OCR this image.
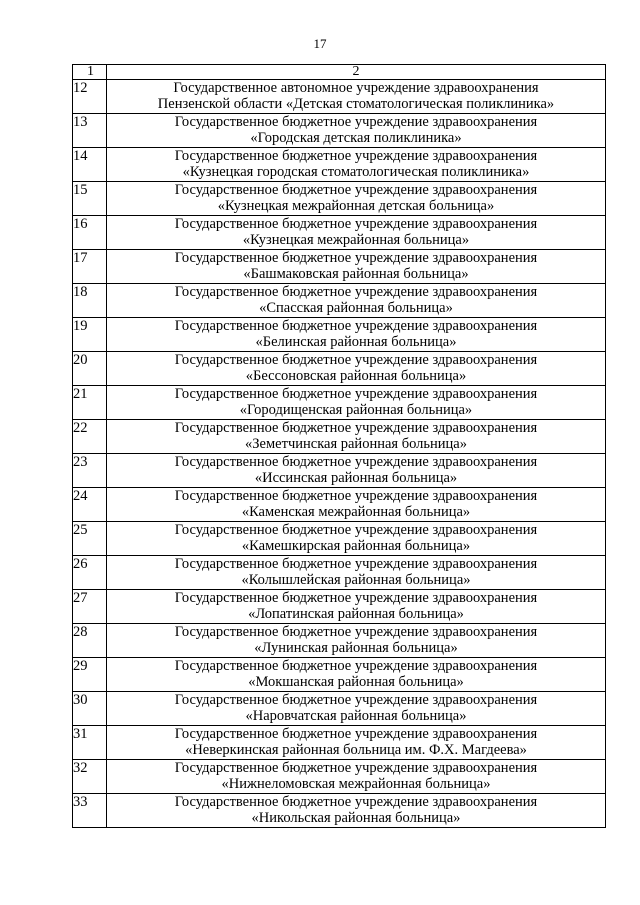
17
1	2
12	Государственное автономное учреждение здравоохранения
Пензенской области «Детская стоматологическая поликлиника»

13	Государственное бюджетное учреждение здравоохранения
«Городская детская поликлиника»

14	Государственное бюджетное учреждение здравоохранения
«Кузнецкая городская стоматологическая поликлиника»

15	Государственное бюджетное учреждение здравоохранения
«Кузнецкая межрайонная детская больница»

16	Государственное бюджетное учреждение здравоохранения
«Кузнецкая межрайонная больница»

17	Государственное бюджетное учреждение здравоохранения
«Башмаковская районная больница»

18	Государственное бюджетное учреждение здравоохранения
«Спасская районная больница»

19	Государственное бюджетное учреждение здравоохранения
«Белинская районная больница»

20	Государственное бюджетное учреждение здравоохранения
«Бессоновская районная больница»

21	Государственное бюджетное учреждение здравоохранения
«Городищенская районная больница»

22	Государственное бюджетное учреждение здравоохранения
«Земетчинская районная больница»

23	Государственное бюджетное учреждение здравоохранения
«Иссинская районная больница»

24	Государственное бюджетное учреждение здравоохранения
«Каменская межрайонная больница»

25	Государственное бюджетное учреждение здравоохранения
«Камешкирская районная больница»

26	Государственное бюджетное учреждение здравоохранения
«Колышлейская районная больница»

27	Государственное бюджетное учреждение здравоохранения
«Лопатинская районная больница»

28	Государственное бюджетное учреждение здравоохранения
«Лунинская районная больница»

29	Государственное бюджетное учреждение здравоохранения
«Мокшанская районная больница»

30	Государственное бюджетное учреждение здравоохранения
«Наровчатская районная больница»

31	Государственное бюджетное учреждение здравоохранения
«Неверкинская районная больница им. Ф.Х. Магдеева»

32	Государственное бюджетное учреждение здравоохранения
«Нижнеломовская межрайонная больница»

33	Государственное бюджетное учреждение здравоохранения
«Никольская районная больница»
